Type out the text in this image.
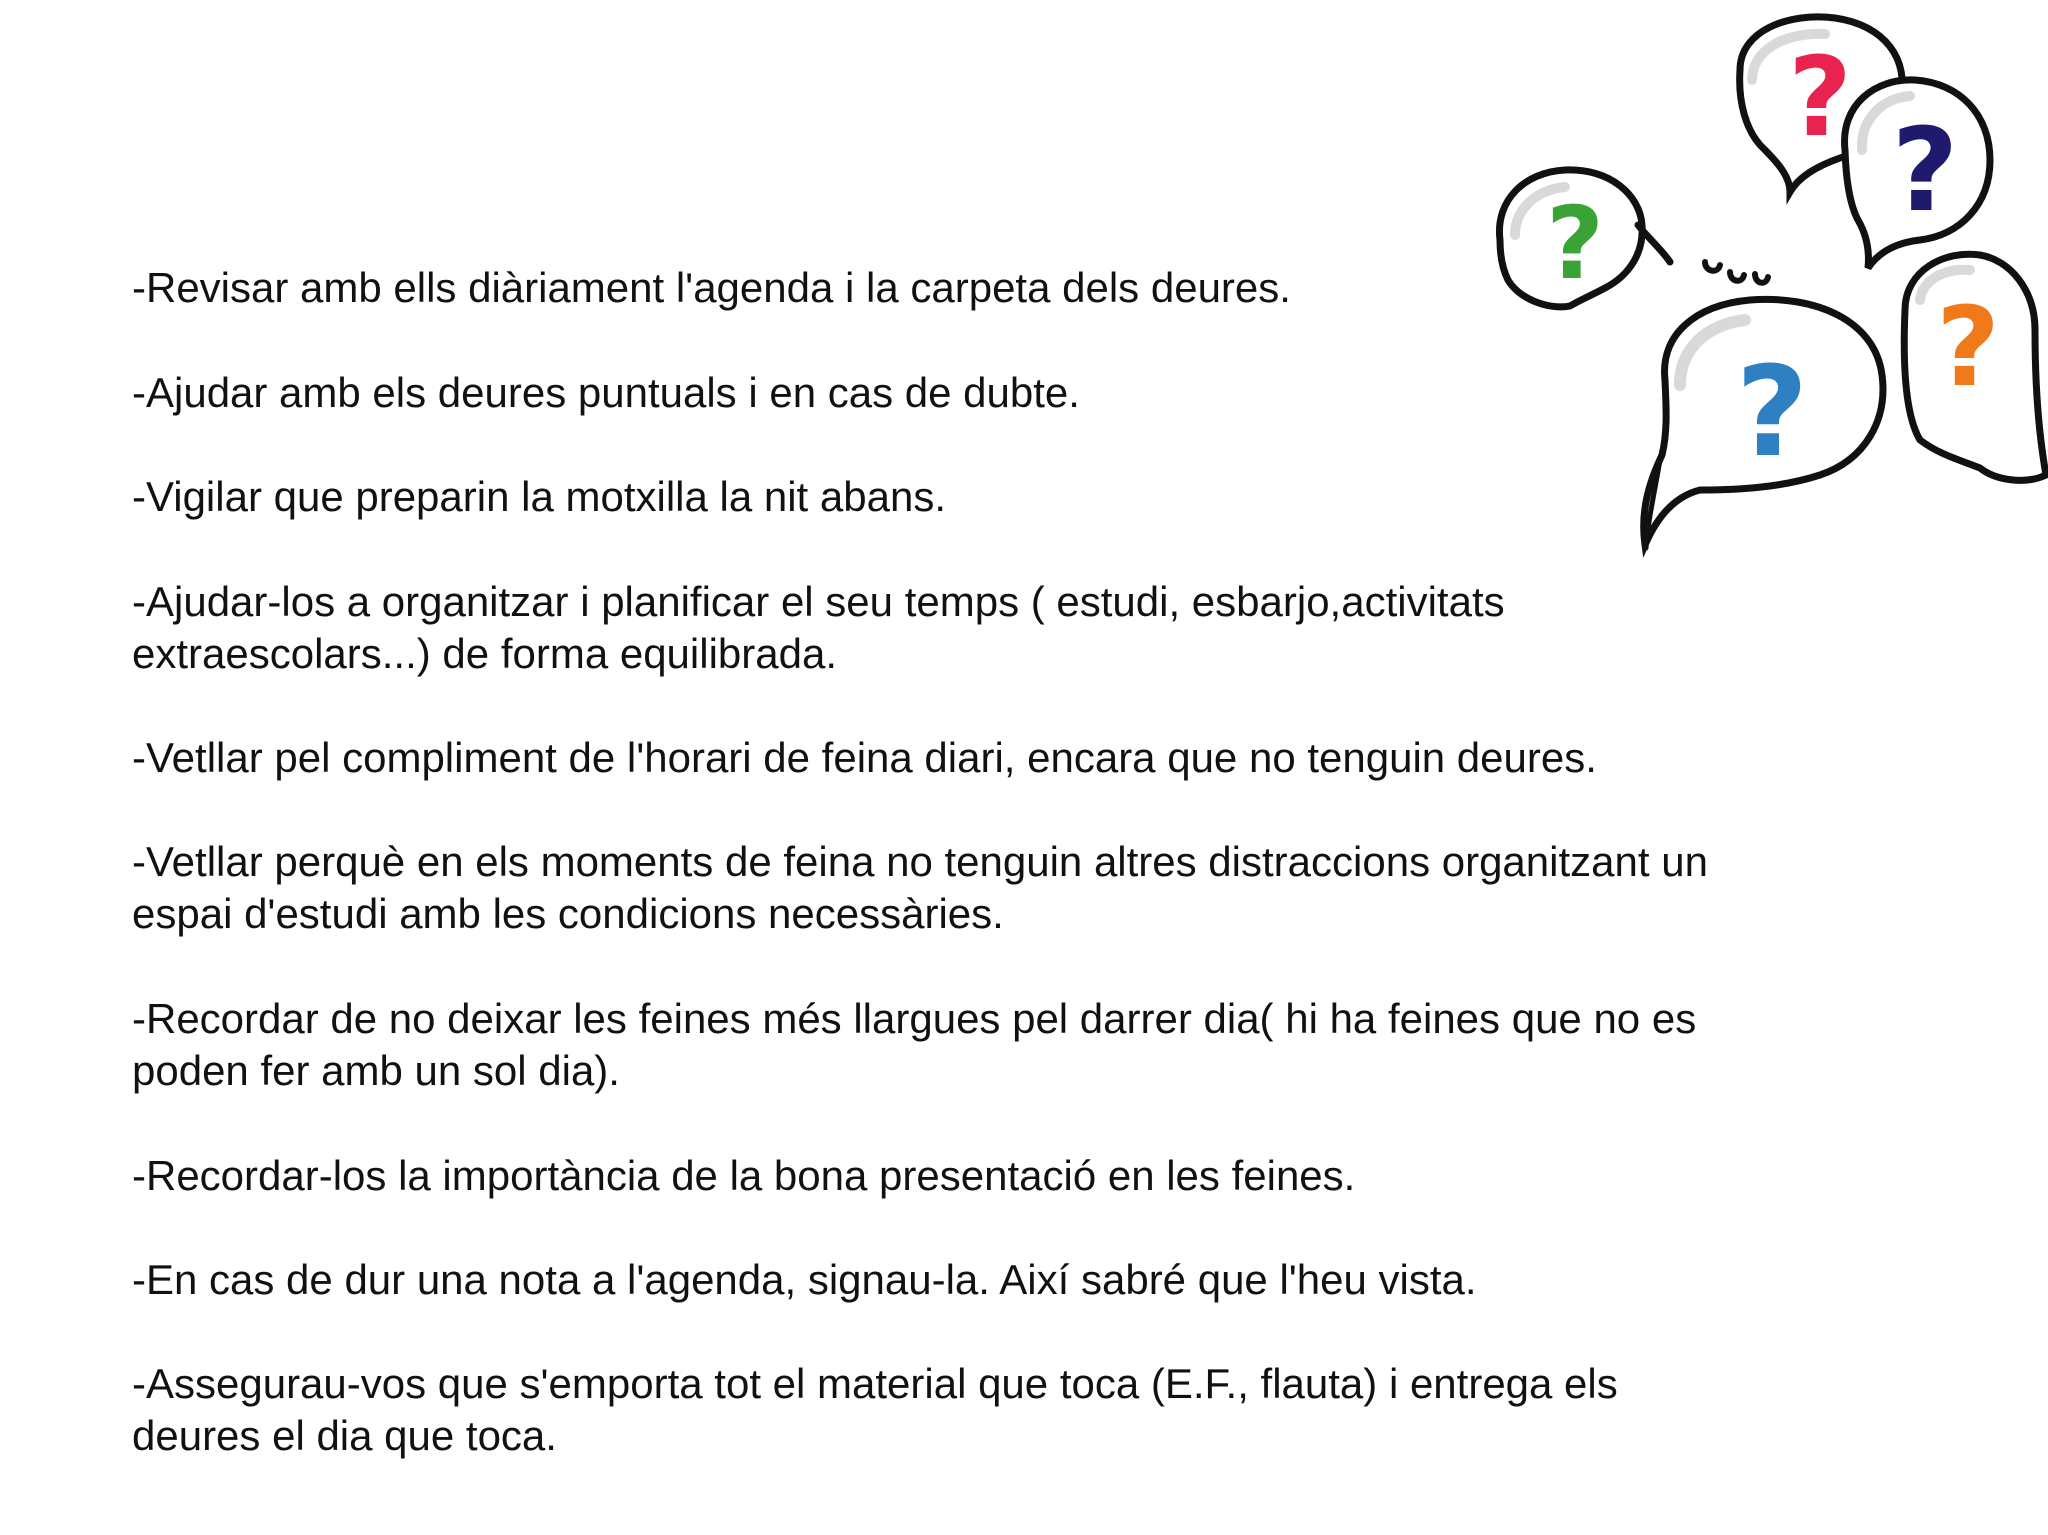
?
?
?
?
?
-Revisar amb ells diàriament l'agenda i la carpeta dels deures.
-Ajudar amb els deures puntuals i en cas de dubte.
-Vigilar que preparin la motxilla la nit abans.
-Ajudar-los a organitzar i planificar el seu temps ( estudi, esbarjo,activitats
extraescolars...) de forma equilibrada.
-Vetllar pel compliment de l'horari de feina diari, encara que no tenguin deures.
-Vetllar perquè en els moments de feina no tenguin altres distraccions organitzant un
espai d'estudi amb les condicions necessàries.
-Recordar de no deixar les feines més llargues pel darrer dia( hi ha feines que no es
poden fer amb un sol dia).
-Recordar-los la importància de la bona presentació en les feines.
-En cas de dur una nota a l'agenda, signau-la. Així sabré que l'heu vista.
-Assegurau-vos que s'emporta tot el material que toca (E.F., flauta) i entrega els
deures el dia que toca.
